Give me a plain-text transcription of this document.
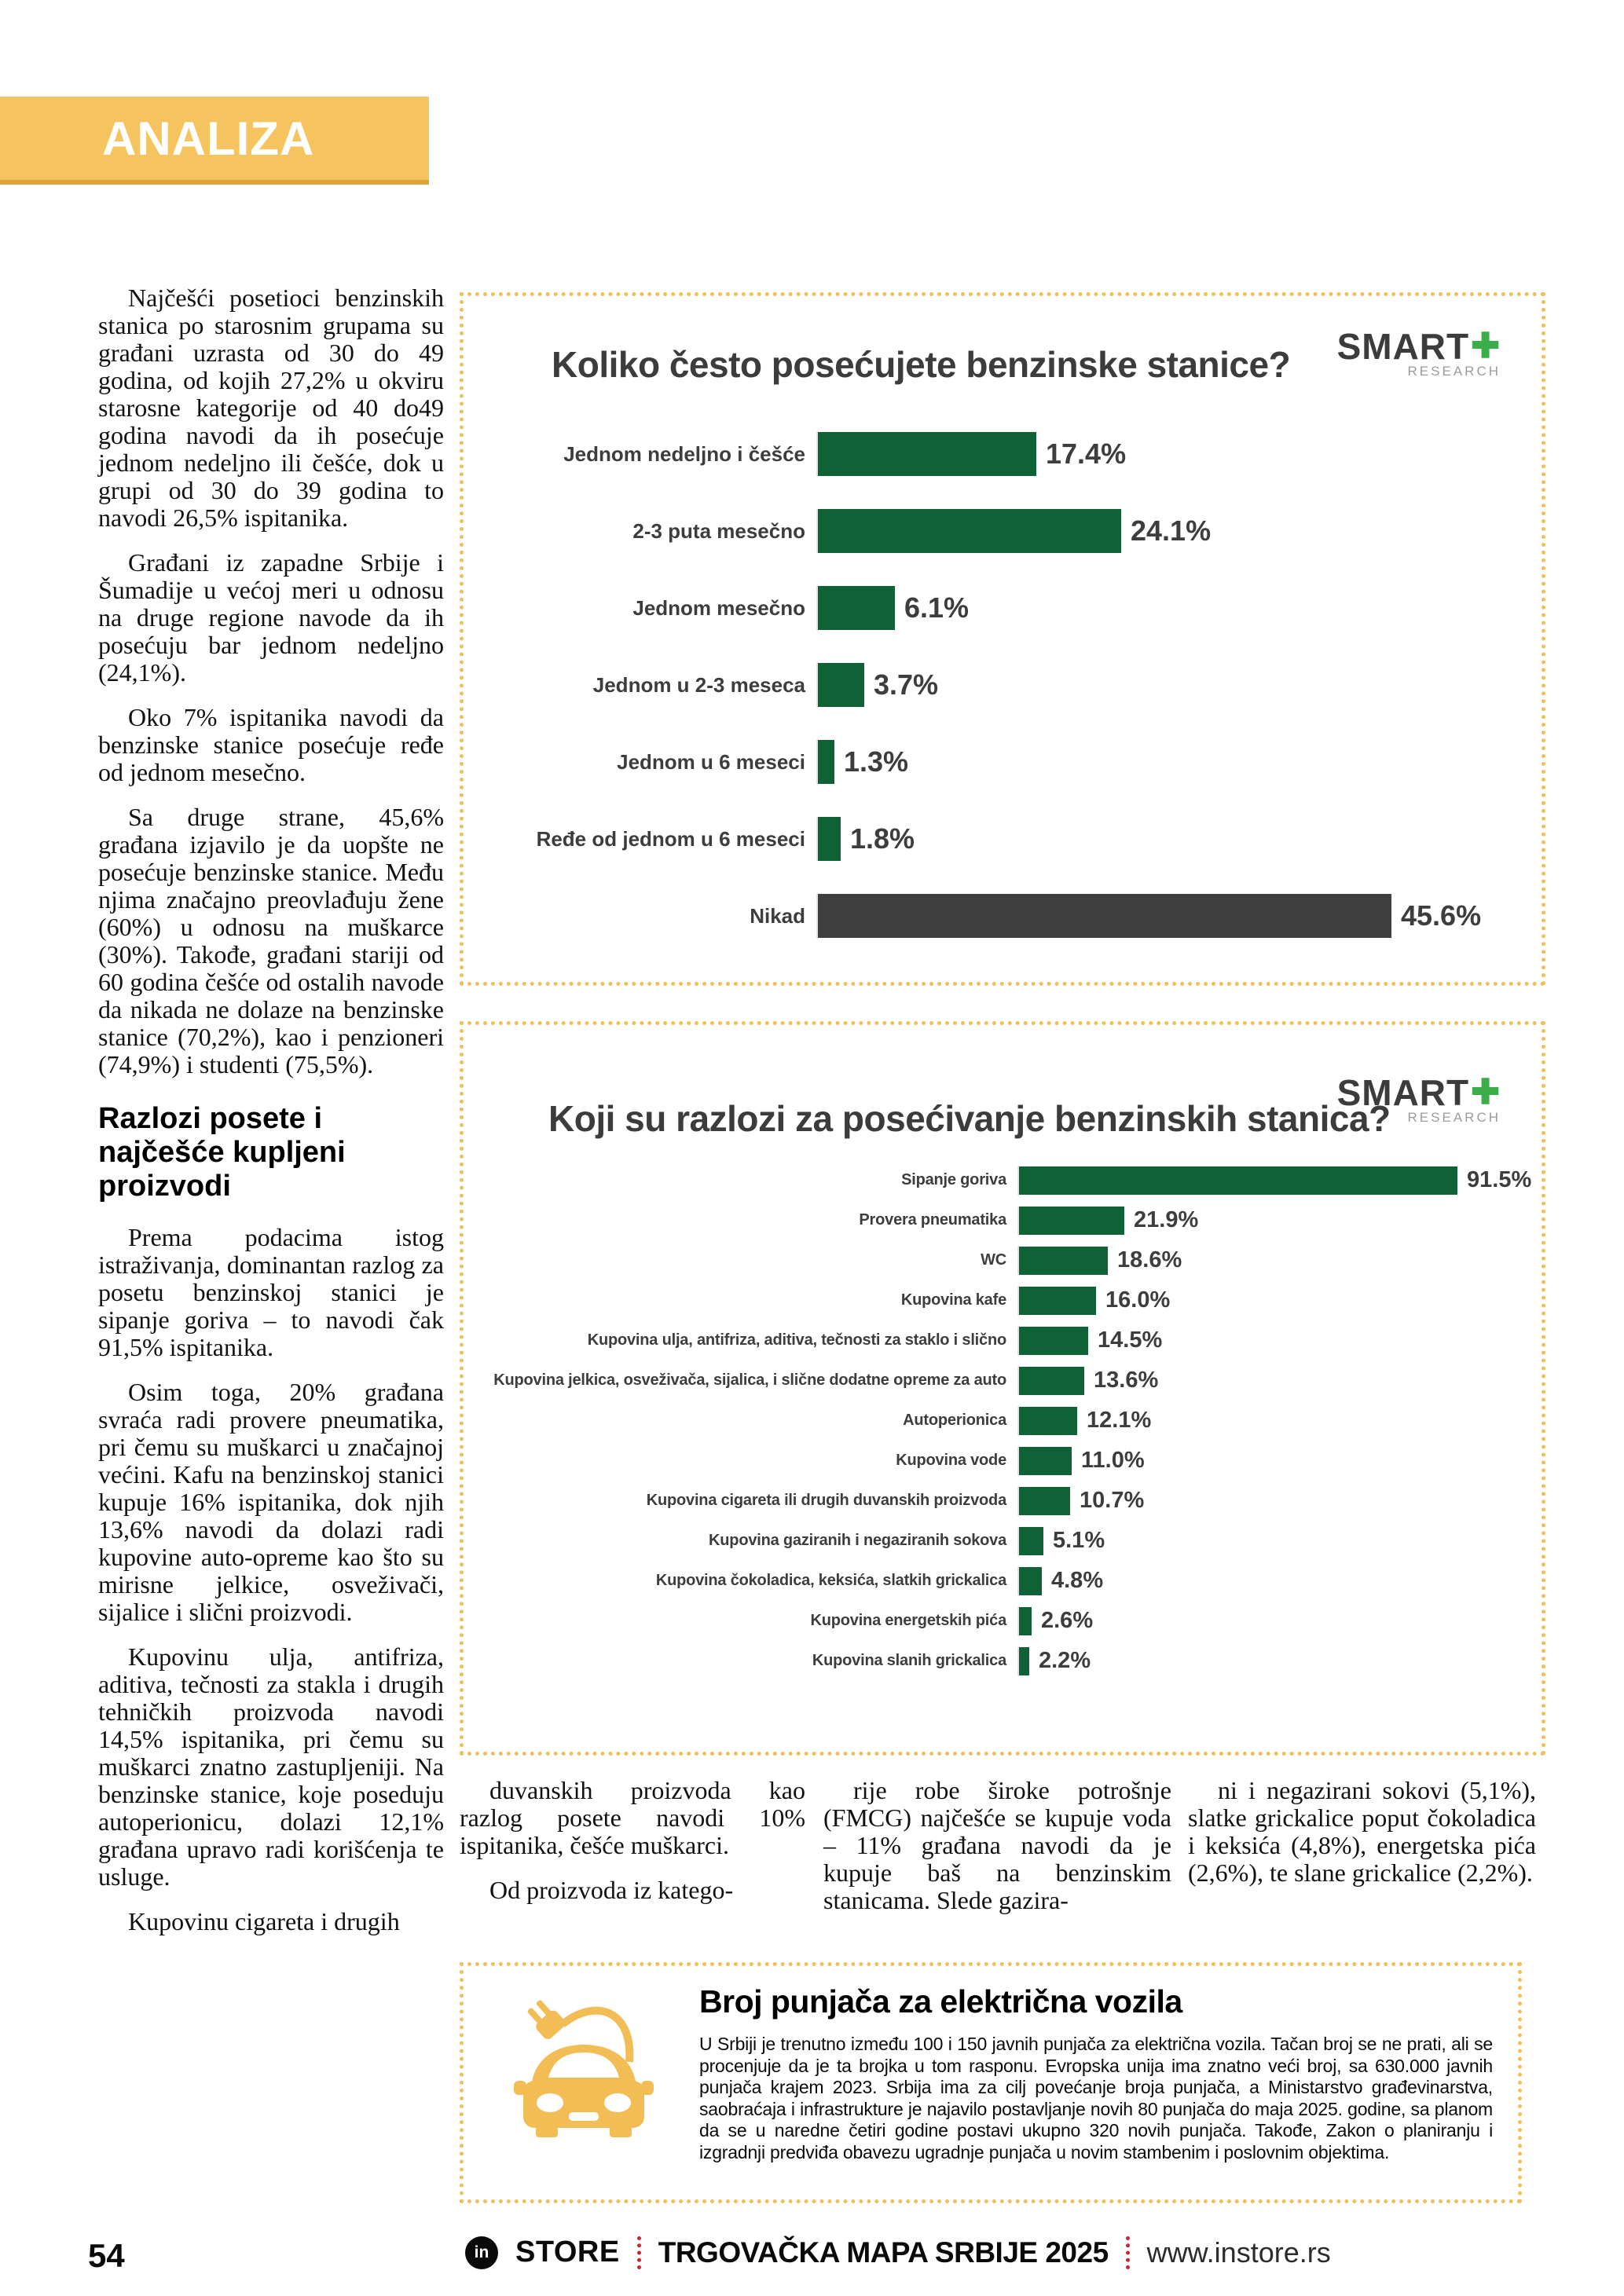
ANALIZA

Najčešći posetioci benzinskih stanica po starosnim grupama su građani uzrasta od 30 do 49 godina, od kojih 27,2% u okviru starosne kategorije od 40 do49 godina navodi da ih posećuje jednom nedeljno ili češće, dok u grupi od 30 do 39 godina to navodi 26,5% ispitanika.

Građani iz zapadne Srbije i Šumadije u većoj meri u odnosu na druge regione navode da ih posećuju bar jednom nedeljno (24,1%).

Oko 7% ispitanika navodi da benzinske stanice posećuje ređe od jednom mesečno.

Sa druge strane, 45,6% građana izjavilo je da uopšte ne posećuje benzinske stanice. Među njima značajno preovlađuju žene (60%) u odnosu na muškarce (30%). Takođe, građani stariji od 60 godina češće od ostalih navode da nikada ne dolaze na benzinske stanice (70,2%), kao i penzioneri (74,9%) i studenti (75,5%).

Razlozi posete i najčešće kupljeni proizvodi

Prema podacima istog istraživanja, dominantan razlog za posetu benzinskoj stanici je sipanje goriva – to navodi čak 91,5% ispitanika.

Osim toga, 20% građana svraća radi provere pneumatika, pri čemu su muškarci u značajnoj većini. Kafu na benzinskoj stanici kupuje 16% ispitanika, dok njih 13,6% navodi da dolazi radi kupovine auto-opreme kao što su mirisne jelkice, osveživači, sijalice i slični proizvodi.

Kupovinu ulja, antifriza, aditiva, tečnosti za stakla i drugih tehničkih proizvoda navodi 14,5% ispitanika, pri čemu su muškarci znatno zastupljeniji. Na benzinske stanice, koje poseduju autoperionicu, dolazi 12,1% građana upravo radi korišćenja te usluge.

Kupovinu cigareta i drugih

Koliko često posećujete benzinske stanice? SMART ✚
RESEARCH
Jednom nedeljno i češće	17.4%
2-3 puta mesečno	24.1%
Jednom mesečno	6.1%
Jednom u 2-3 meseca	3.7%
Jednom u 6 meseci	1.3%
Ređe od jednom u 6 meseci	1.8%
Nikad	45.6%
Koji su razlozi za posećivanje benzinskih stanica?
SMART ✚
RESEARCH
Sipanje goriva	91.5%
Provera pneumatika	21.9%
WC	18.6%
Kupovina kafe	16.0%
Kupovina ulja, antifriza, aditiva, tečnosti za staklo i slično	14.5%
Kupovina jelkica, osveživača, sijalica, i slične dodatne opreme za auto	13.6%
Autoperionica	12.1%
Kupovina vode	11.0%
Kupovina cigareta ili drugih duvanskih proizvoda	10.7%
Kupovina gaziranih i negaziranih sokova	5.1%
Kupovina čokoladica, keksića, slatkih grickalica	4.8%
Kupovina energetskih pića	2.6%
Kupovina slanih grickalica	2.2%

duvanskih proizvoda kao razlog posete navodi 10% ispitanika, češće muškarci.

Od proizvoda iz katego-

rije robe široke potrošnje (FMCG) najčešće se kupuje voda – 11% građana navodi da je kupuje baš na benzinskim stanicama. Slede gazira-

ni i negazirani sokovi (5,1%), slatke grickalice poput čokoladica i keksića (4,8%), energetska pića (2,6%), te slane grickalice (2,2%).

Broj punjača za električna vozila
U Srbiji je trenutno između 100 i 150 javnih punjača za električna vozila. Tačan broj se ne prati, ali se procenjuje da je ta brojka u tom rasponu. Evropska unija ima znatno veći broj, sa 630.000 javnih punjača krajem 2023. Srbija ima za cilj povećanje broja punjača, a Ministarstvo građevinarstva, saobraćaja i infrastrukture je najavilo postavljanje novih 80 punjača do maja 2025. godine, sa planom da se u naredne četiri godine postavi ukupno 320 novih punjača. Takođe, Zakon o planiranju i izgradnji predviđa obavezu ugradnje punjača u novim stambenim i poslovnim objektima.
54	in STORE TRGOVAČKA MAPA SRBIJE 2025 www.instore.rs
